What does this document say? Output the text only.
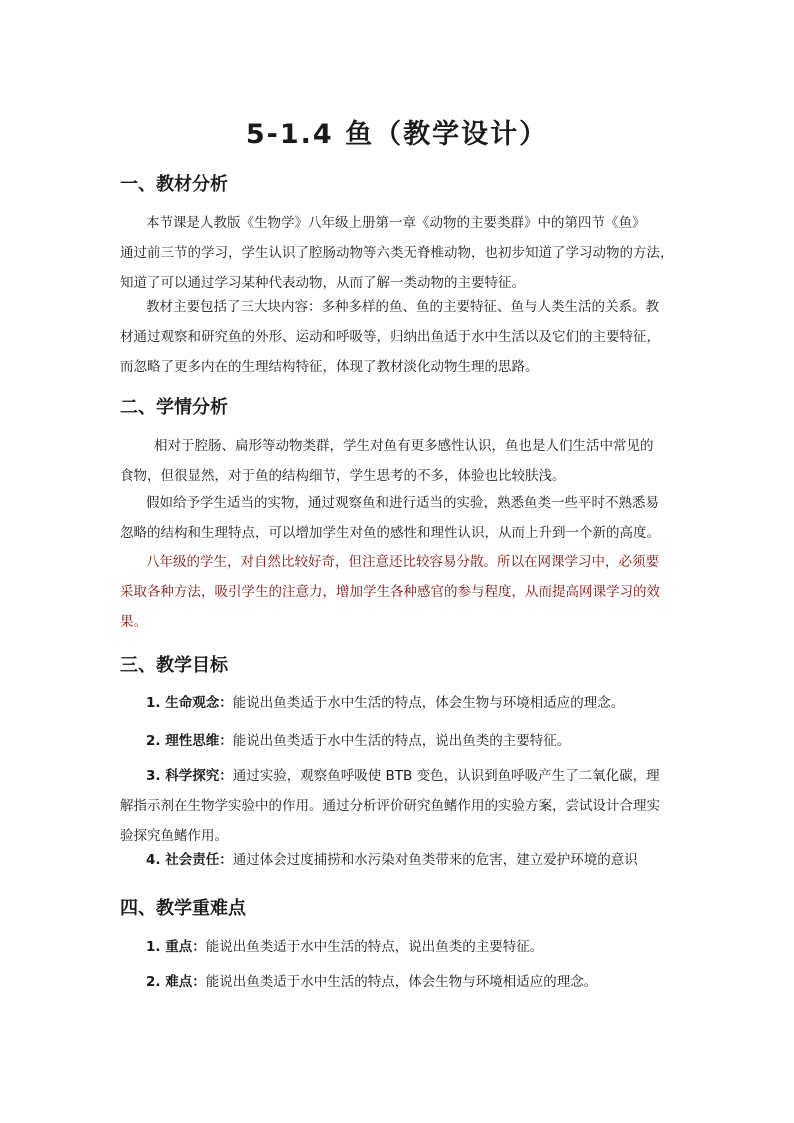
5-1.4 鱼（教学设计）
一、教材分析
本节课是人教版《生物学》八年级上册第一章《动物的主要类群》中的第四节《鱼》
通过前三节的学习，学生认识了腔肠动物等六类无脊椎动物，也初步知道了学习动物的方法，
知道了可以通过学习某种代表动物，从而了解一类动物的主要特征。
教材主要包括了三大块内容：多种多样的鱼、鱼的主要特征、鱼与人类生活的关系。教
材通过观察和研究鱼的外形、运动和呼吸等，归纳出鱼适于水中生活以及它们的主要特征，
而忽略了更多内在的生理结构特征，体现了教材淡化动物生理的思路。
二、学情分析
相对于腔肠、扁形等动物类群，学生对鱼有更多感性认识，鱼也是人们生活中常见的
食物，但很显然，对于鱼的结构细节，学生思考的不多，体验也比较肤浅。
假如给予学生适当的实物，通过观察鱼和进行适当的实验，熟悉鱼类一些平时不熟悉易
忽略的结构和生理特点，可以增加学生对鱼的感性和理性认识，从而上升到一个新的高度。
八年级的学生，对自然比较好奇，但注意还比较容易分散。所以在网课学习中，必须要
采取各种方法，吸引学生的注意力，增加学生各种感官的参与程度，从而提高网课学习的效
果。
三、教学目标
1. 生命观念：能说出鱼类适于水中生活的特点，体会生物与环境相适应的理念。
2. 理性思维：能说出鱼类适于水中生活的特点，说出鱼类的主要特征。
3. 科学探究：通过实验，观察鱼呼吸使 BTB 变色，认识到鱼呼吸产生了二氧化碳，理
解指示剂在生物学实验中的作用。通过分析评价研究鱼鳍作用的实验方案，尝试设计合理实
验探究鱼鳍作用。
4. 社会责任：通过体会过度捕捞和水污染对鱼类带来的危害，建立爱护环境的意识
四、教学重难点
1. 重点：能说出鱼类适于水中生活的特点，说出鱼类的主要特征。
2. 难点：能说出鱼类适于水中生活的特点，体会生物与环境相适应的理念。
